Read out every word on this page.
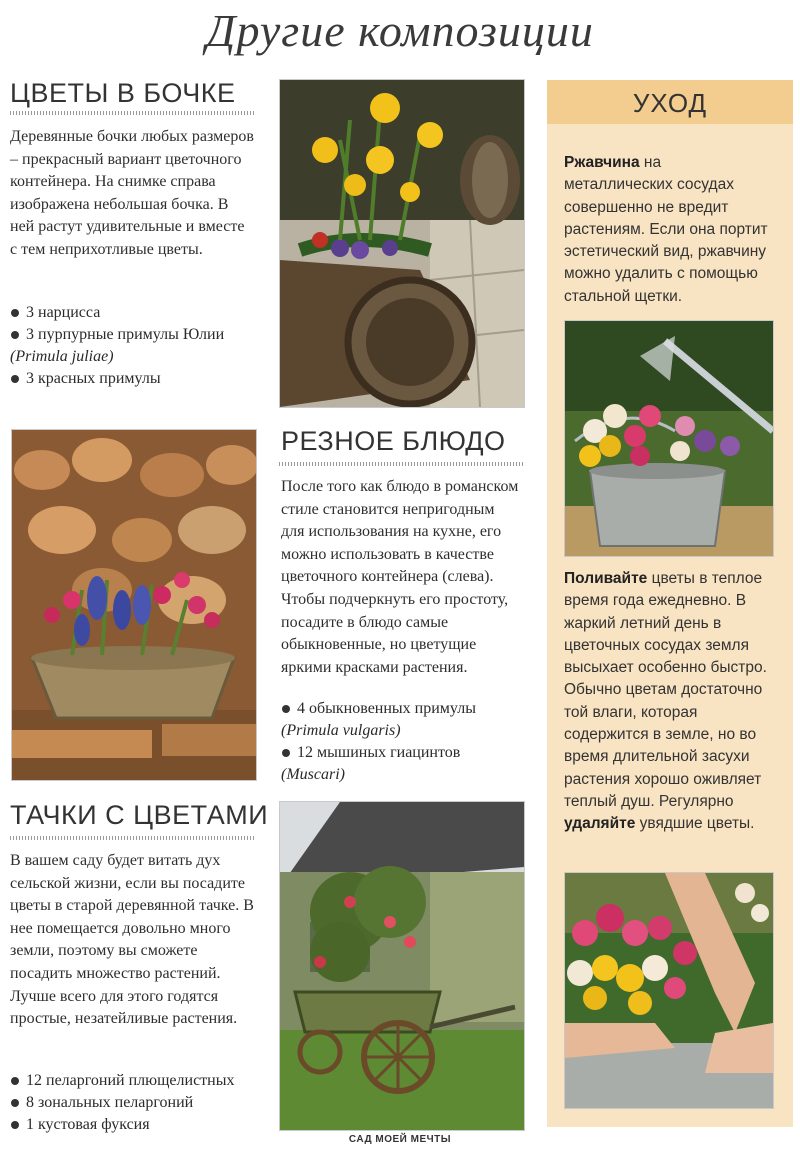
Другие композиции
ЦВЕТЫ В БОЧКЕ
Деревянные бочки любых размеров – прекрасный вариант цветочного контейнера. На снимке справа изображена небольшая бочка. В ней растут удивительные и вместе с тем неприхотливые цветы.
3 нарцисса
3 пурпурные примулы Юлии
(Primula juliae)
3 красных примулы
РЕЗНОЕ БЛЮДО
После того как блюдо в романском стиле становится непригодным для использования на кухне, его можно использовать в качестве цветочного контейнера (слева). Чтобы подчеркнуть его простоту, посадите в блюдо самые обыкновенные, но цветущие яркими красками растения.
4 обыкновенных примулы
(Primula vulgaris)
12 мышиных гиацинтов
(Muscari)
ТАЧКИ С ЦВЕТАМИ
В вашем саду будет витать дух сельской жизни, если вы посадите цветы в старой деревянной тачке. В нее помещается довольно много земли, поэтому вы сможете посадить множество растений. Лучше всего для этого годятся простые, незатейливые растения.
12 пеларгоний плющелистных
8 зональных пеларгоний
1 кустовая фуксия
УХОД
Ржавчина на металлических сосудах совершенно не вредит растениям. Если она портит эстетический вид, ржавчину можно удалить с помощью стальной щетки.
Поливайте цветы в теплое время года ежедневно. В жаркий летний день в цветочных сосудах земля высыхает особенно быстро. Обычно цветам достаточно той влаги, которая содержится в земле, но во время длительной засухи растения хорошо оживляет теплый душ. Регулярно удаляйте увядшие цветы.
САД МОЕЙ МЕЧТЫ
